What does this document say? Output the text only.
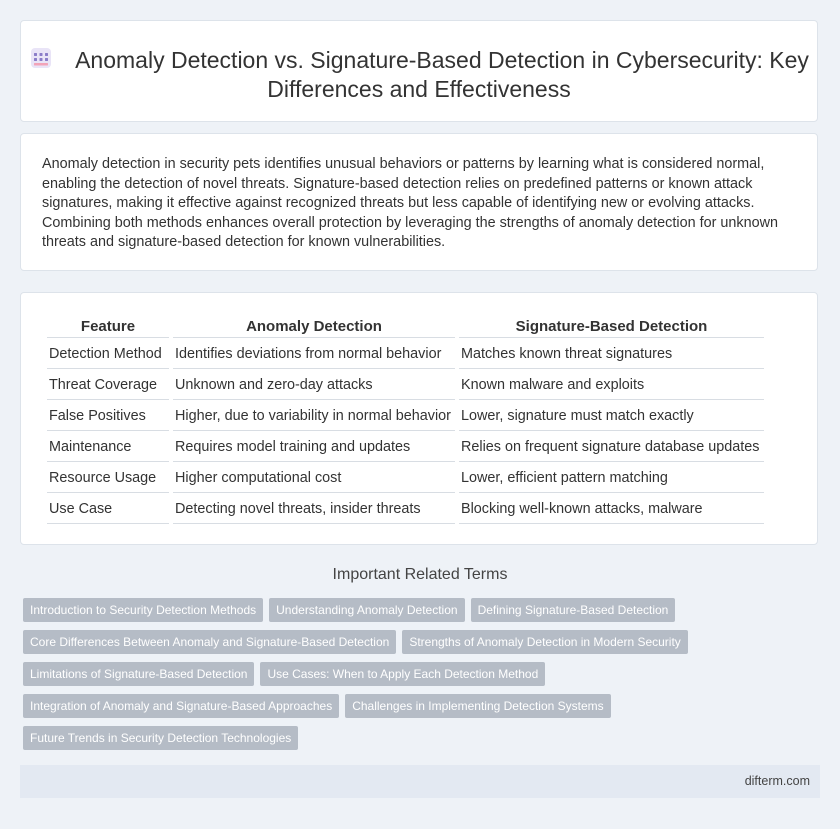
Anomaly Detection vs. Signature-Based Detection in Cybersecurity: Key Differences and Effectiveness

Anomaly detection in security pets identifies unusual behaviors or patterns by learning what is considered normal, enabling the detection of novel threats. Signature-based detection relies on predefined patterns or known attack signatures, making it effective against recognized threats but less capable of identifying new or evolving attacks. Combining both methods enhances overall protection by leveraging the strengths of anomaly detection for unknown threats and signature-based detection for known vulnerabilities.

Feature	Anomaly Detection	Signature-Based Detection
Detection Method	Identifies deviations from normal behavior	Matches known threat signatures
Threat Coverage	Unknown and zero-day attacks	Known malware and exploits
False Positives	Higher, due to variability in normal behavior	Lower, signature must match exactly
Maintenance	Requires model training and updates	Relies on frequent signature database updates
Resource Usage	Higher computational cost	Lower, efficient pattern matching
Use Case	Detecting novel threats, insider threats	Blocking well-known attacks, malware
Important Related Terms
Introduction to Security Detection Methods Understanding Anomaly Detection Defining Signature-Based Detection
Core Differences Between Anomaly and Signature-Based Detection Strengths of Anomaly Detection in Modern Security
Limitations of Signature-Based Detection Use Cases: When to Apply Each Detection Method
Integration of Anomaly and Signature-Based Approaches Challenges in Implementing Detection Systems
Future Trends in Security Detection Technologies
difterm.com
